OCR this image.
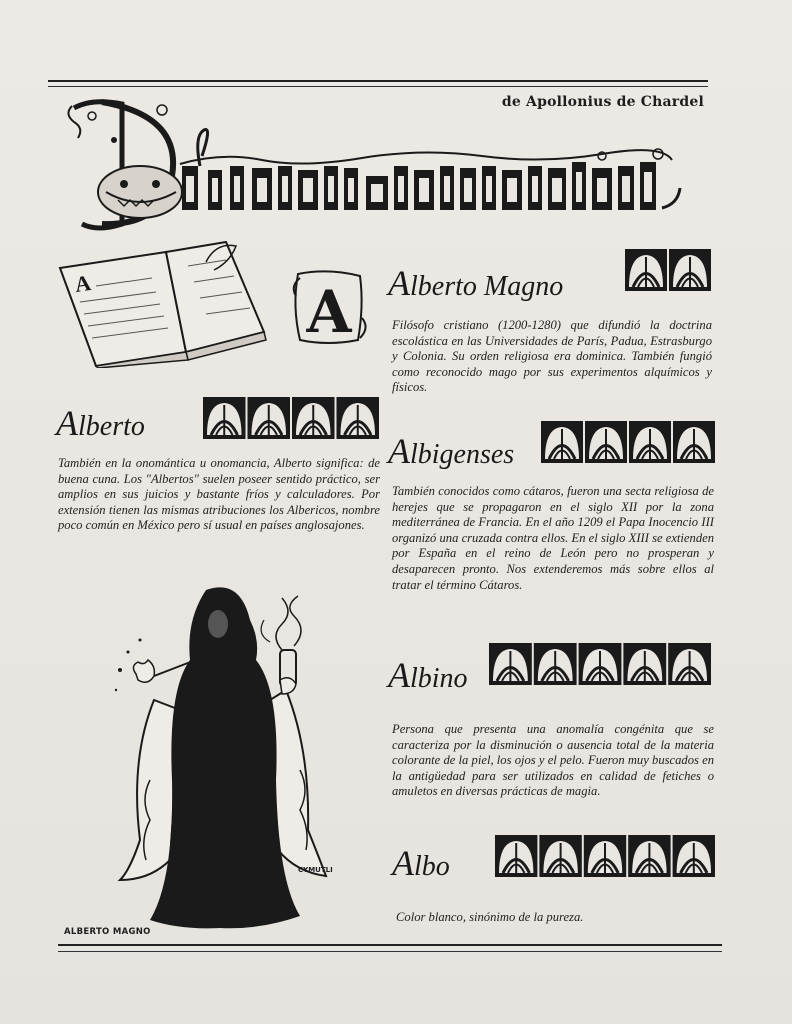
de Apollonius de Chardel
A	A Alberto Magno
Filósofo cristiano (1200-1280) que difundió la doctrina escolástica en las Universidades de París, Padua, Estrasburgo y Colonia. Su orden religiosa era dominica. También fungió como reconocido mago por sus experimentos alquímicos y físicos.
Alberto
También en la onomántica u onomancia, Alberto significa: de buena cuna. Los "Albertos" suelen poseer sentido práctico, ser amplios en sus juicios y bastante fríos y calculadores. Por extensión tienen las mismas atribuciones los Albericos, nombre poco común en México pero sí usual en países anglosajones.
Albigenses
También conocidos como cátaros, fueron una secta religiosa de herejes que se propagaron en el siglo XII por la zona mediterránea de Francia. En el año 1209 el Papa Inocencio III organizó una cruzada contra ellos. En el siglo XIII se extienden por España en el reino de León pero no prosperan y desaparecen pronto. Nos extenderemos más sobre ellos al tratar el término Cátaros.
Albino
Persona que presenta una anomalía congénita que se caracteriza por la disminución o ausencia total de la materia colorante de la piel, los ojos y el pelo. Fueron muy buscados en la antigüedad para ser utilizados en calidad de fetiches o amuletos en diversas prácticas de magia.
Albo
Color blanco, sinónimo de la pureza.
CYMUTLI
ALBERTO MAGNO
